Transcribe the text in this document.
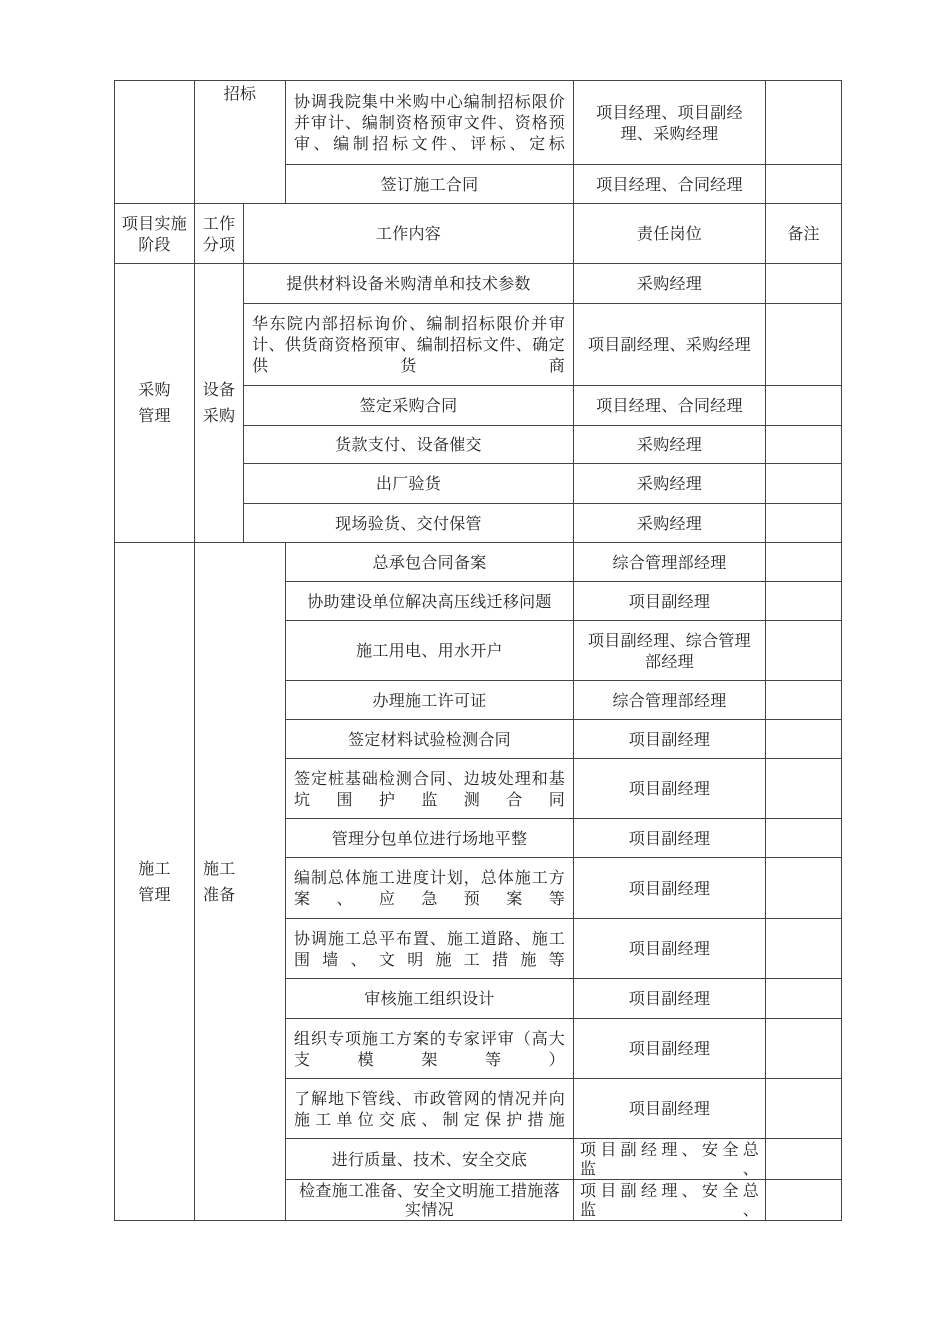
	招标		协调我院集中米购中心编制招标限价并审计、编制资格预审文件、资格预审、编制招标文件、评标、定标	项目经理、项目副经理、采购经理	
			签订施工合同	项目经理、合同经理	
项目实施阶段	工作分项	工作内容		责任岗位	备注
采购管理	设备采购	提供材料设备米购清单和技术参数		采购经理	
		华东院内部招标询价、编制招标限价并审计、供货商资格预审、编制招标文件、确定供货商		项目副经理、采购经理	
		签定采购合同		项目经理、合同经理	
		货款支付、设备催交		采购经理	
		出厂验货		采购经理	
		现场验货、交付保管		采购经理	
施工管理	施工准备		总承包合同备案	综合管理部经理	
			协助建设单位解决高压线迁移问题	项目副经理	
			施工用电、用水开户	项目副经理、综合管理部经理	
			办理施工许可证	综合管理部经理	
			签定材料试验检测合同	项目副经理	
			签定桩基础检测合同、边坡处理和基坑围护监测合同	项目副经理	
			管理分包单位进行场地平整	项目副经理	
			编制总体施工进度计划，总体施工方案、应急预案等	项目副经理	
			协调施工总平布置、施工道路、施工围墙、文明施工措施等	项目副经理	
			审核施工组织设计	项目副经理	
			组织专项施工方案的专家评审（高大支模架等）	项目副经理	
			了解地下管线、市政管网的情况并向施工单位交底、制定保护措施	项目副经理	
			进行质量、技术、安全交底	项目副经理、安全总监、	
			检查施工准备、安全文明施工措施落实情况	项目副经理、安全总监、	
